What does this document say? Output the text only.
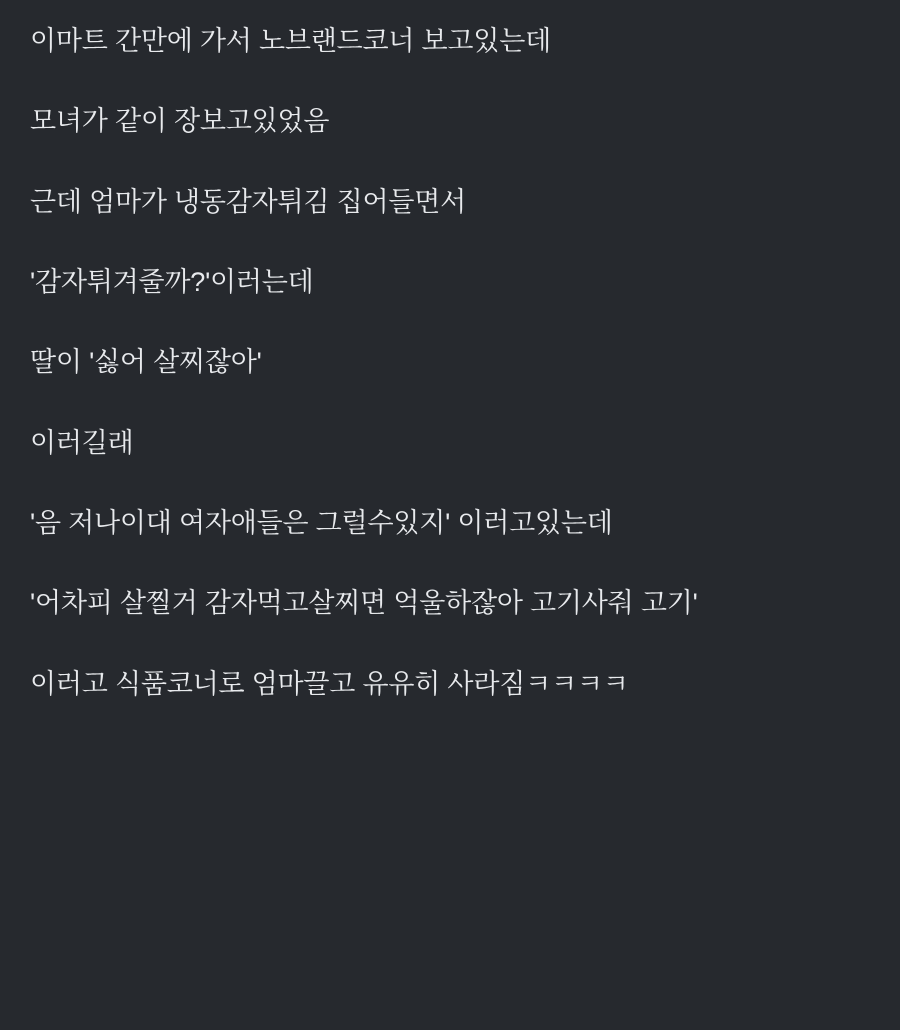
이마트 간만에 가서 노브랜드코너 보고있는데

모녀가 같이 장보고있었음

근데 엄마가 냉동감자튀김 집어들면서

'감자튀겨줄까?'이러는데

딸이 '싫어 살찌잖아'

이러길래

'음 저나이대 여자애들은 그럴수있지' 이러고있는데

'어차피 살찔거 감자먹고살찌면 억울하잖아 고기사줘 고기'

이러고 식품코너로 엄마끌고 유유히 사라짐ㅋㅋㅋㅋ
